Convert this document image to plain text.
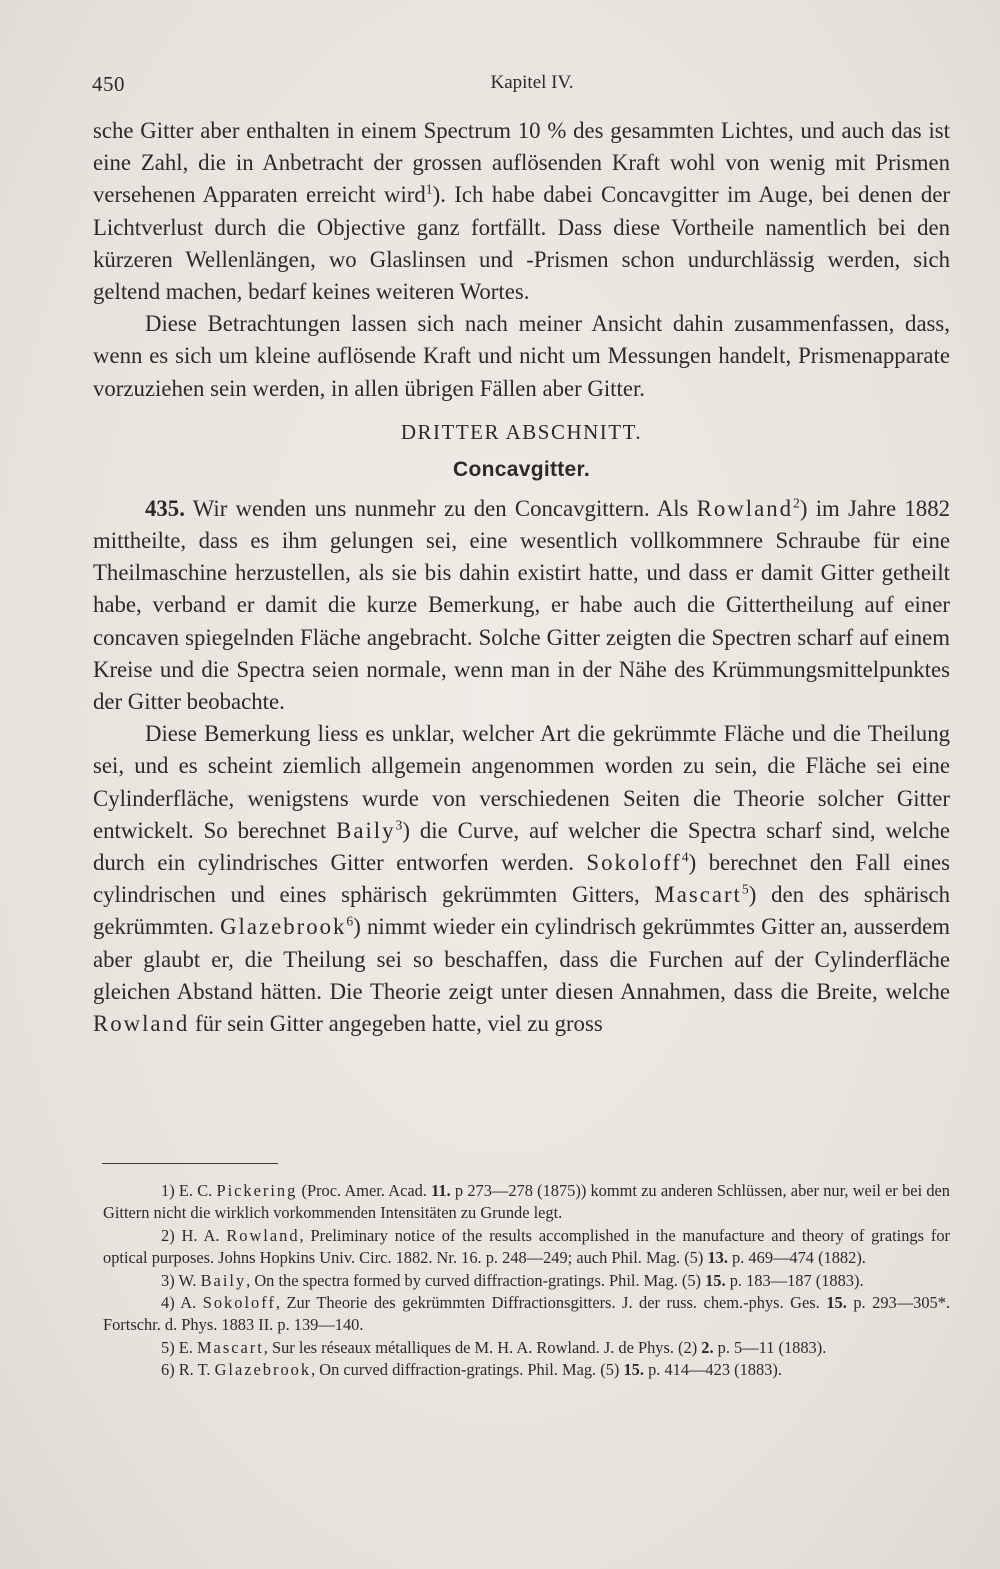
450	Kapitel IV.

sche Gitter aber enthalten in einem Spectrum 10 % des gesammten Lichtes, und auch das ist eine Zahl, die in Anbetracht der grossen auflösenden Kraft wohl von wenig mit Prismen versehenen Apparaten erreicht wird$^1$). Ich habe dabei Concavgitter im Auge, bei denen der Lichtverlust durch die Objective ganz fortfällt. Dass diese Vortheile namentlich bei den kürzeren Wellenlängen, wo Glaslinsen und -Prismen schon undurchlässig werden, sich geltend machen, bedarf keines weiteren Wortes.

Diese Betrachtungen lassen sich nach meiner Ansicht dahin zusammenfassen, dass, wenn es sich um kleine auflösende Kraft und nicht um Messungen handelt, Prismenapparate vorzuziehen sein werden, in allen übrigen Fällen aber Gitter.

DRITTER ABSCHNITT.
Concavgitter.

435. Wir wenden uns nunmehr zu den Concavgittern. Als Rowland$^2$) im Jahre 1882 mittheilte, dass es ihm gelungen sei, eine wesentlich vollkommnere Schraube für eine Theilmaschine herzustellen, als sie bis dahin existirt hatte, und dass er damit Gitter getheilt habe, verband er damit die kurze Bemerkung, er habe auch die Gittertheilung auf einer concaven spiegelnden Fläche angebracht. Solche Gitter zeigten die Spectren scharf auf einem Kreise und die Spectra seien normale, wenn man in der Nähe des Krümmungsmittelpunktes der Gitter beobachte.

Diese Bemerkung liess es unklar, welcher Art die gekrümmte Fläche und die Theilung sei, und es scheint ziemlich allgemein angenommen worden zu sein, die Fläche sei eine Cylinderfläche, wenigstens wurde von verschiedenen Seiten die Theorie solcher Gitter entwickelt. So berechnet Baily$^3$) die Curve, auf welcher die Spectra scharf sind, welche durch ein cylindrisches Gitter entworfen werden. Sokoloff$^4$) berechnet den Fall eines cylindrischen und eines sphärisch gekrümmten Gitters, Mascart$^5$) den des sphärisch gekrümmten. Glazebrook$^6$) nimmt wieder ein cylindrisch gekrümmtes Gitter an, ausserdem aber glaubt er, die Theilung sei so beschaffen, dass die Furchen auf der Cylinderfläche gleichen Abstand hätten. Die Theorie zeigt unter diesen Annahmen, dass die Breite, welche Rowland für sein Gitter angegeben hatte, viel zu gross

1) E. C. Pickering (Proc. Amer. Acad. 11. p 273—278 (1875)) kommt zu anderen Schlüssen, aber nur, weil er bei den Gittern nicht die wirklich vorkommenden Intensitäten zu Grunde legt.

2) H. A. Rowland, Preliminary notice of the results accomplished in the manufacture and theory of gratings for optical purposes. Johns Hopkins Univ. Circ. 1882. Nr. 16. p. 248—249; auch Phil. Mag. (5) 13. p. 469—474 (1882).

3) W. Baily, On the spectra formed by curved diffraction-gratings. Phil. Mag. (5) 15. p. 183—187 (1883).

4) A. Sokoloff, Zur Theorie des gekrümmten Diffractionsgitters. J. der russ. chem.-phys. Ges. 15. p. 293—305*. Fortschr. d. Phys. 1883 II. p. 139—140.

5) E. Mascart, Sur les réseaux métalliques de M. H. A. Rowland. J. de Phys. (2) 2. p. 5—11 (1883).

6) R. T. Glazebrook, On curved diffraction-gratings. Phil. Mag. (5) 15. p. 414—423 (1883).
